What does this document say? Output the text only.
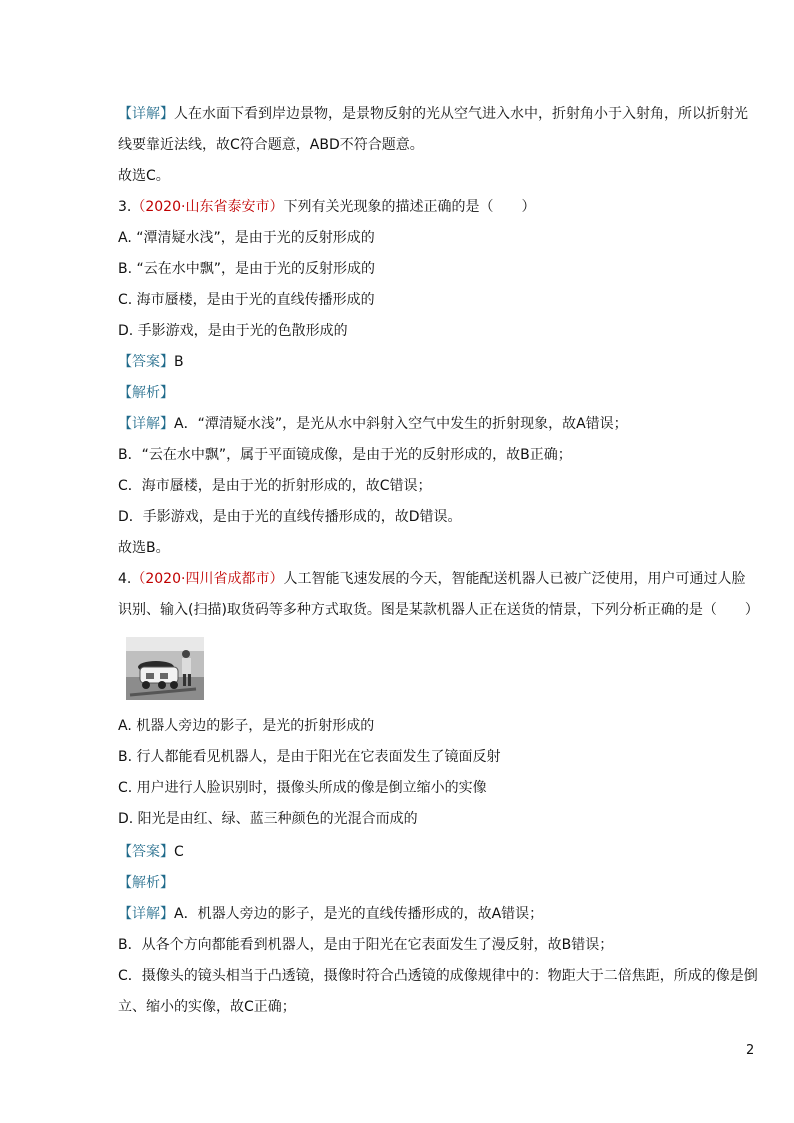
【详解】人在水面下看到岸边景物，是景物反射的光从空气进入水中，折射角小于入射角，所以折射光
线要靠近法线，故C符合题意，ABD不符合题意。
故选C。
3.（2020·山东省泰安市）下列有关光现象的描述正确的是（　　）
A. “潭清疑水浅”，是由于光的反射形成的
B. “云在水中飘”，是由于光的反射形成的
C. 海市蜃楼，是由于光的直线传播形成的
D. 手影游戏，是由于光的色散形成的
【答案】B
【解析】
【详解】A．“潭清疑水浅”，是光从水中斜射入空气中发生的折射现象，故A错误；
B．“云在水中飘”，属于平面镜成像，是由于光的反射形成的，故B正确；
C．海市蜃楼，是由于光的折射形成的，故C错误；
D．手影游戏，是由于光的直线传播形成的，故D错误。
故选B。
4.（2020·四川省成都市）人工智能飞速发展的今天，智能配送机器人已被广泛使用，用户可通过人脸
识别、输入(扫描)取货码等多种方式取货。图是某款机器人正在送货的情景，下列分析正确的是（　　）
A. 机器人旁边的影子，是光的折射形成的
B. 行人都能看见机器人，是由于阳光在它表面发生了镜面反射
C. 用户进行人脸识别时，摄像头所成的像是倒立缩小的实像
D. 阳光是由红、绿、蓝三种颜色的光混合而成的
【答案】C
【解析】
【详解】A．机器人旁边的影子，是光的直线传播形成的，故A错误；
B．从各个方向都能看到机器人，是由于阳光在它表面发生了漫反射，故B错误；
C．摄像头的镜头相当于凸透镜，摄像时符合凸透镜的成像规律中的：物距大于二倍焦距，所成的像是倒
立、缩小的实像，故C正确；
2
